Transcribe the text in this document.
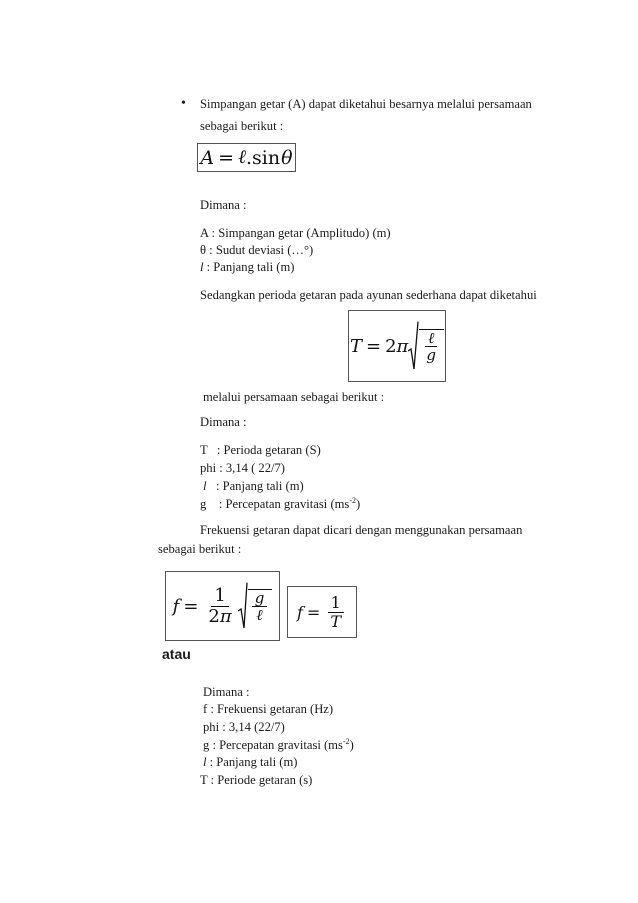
• Simpangan getar (A) dapat diketahui besarnya melalui persamaan
sebagai berikut :
A = ℓ . sin θ
Dimana :
A : Simpangan getar (Amplitudo) (m)
θ : Sudut deviasi (…°)
l : Panjang tali (m)
Sedangkan perioda getaran pada ayunan sederhana dapat diketahui
T = 2 π $\frac{\text{ℓ}}{g}$
melalui persamaan sebagai berikut :
Dimana :
T   : Perioda getaran (S)
phi : 3,14 ( 22/7)
l   : Panjang tali (m)
g    : Percepatan gravitasi $(ms^{-2})$
Frekuensi getaran dapat dicari dengan menggunakan persamaan
sebagai berikut :
$f = \frac{1}{2\pi} \frac{g}{\text{ℓ}}$ $f = \frac{1}{T}$
atau
Dimana :
f : Frekuensi getaran (Hz)
phi : 3,14 (22/7)
g : Percepatan gravitasi $(ms^{-2})$
l : Panjang tali (m)
T : Periode getaran (s)
